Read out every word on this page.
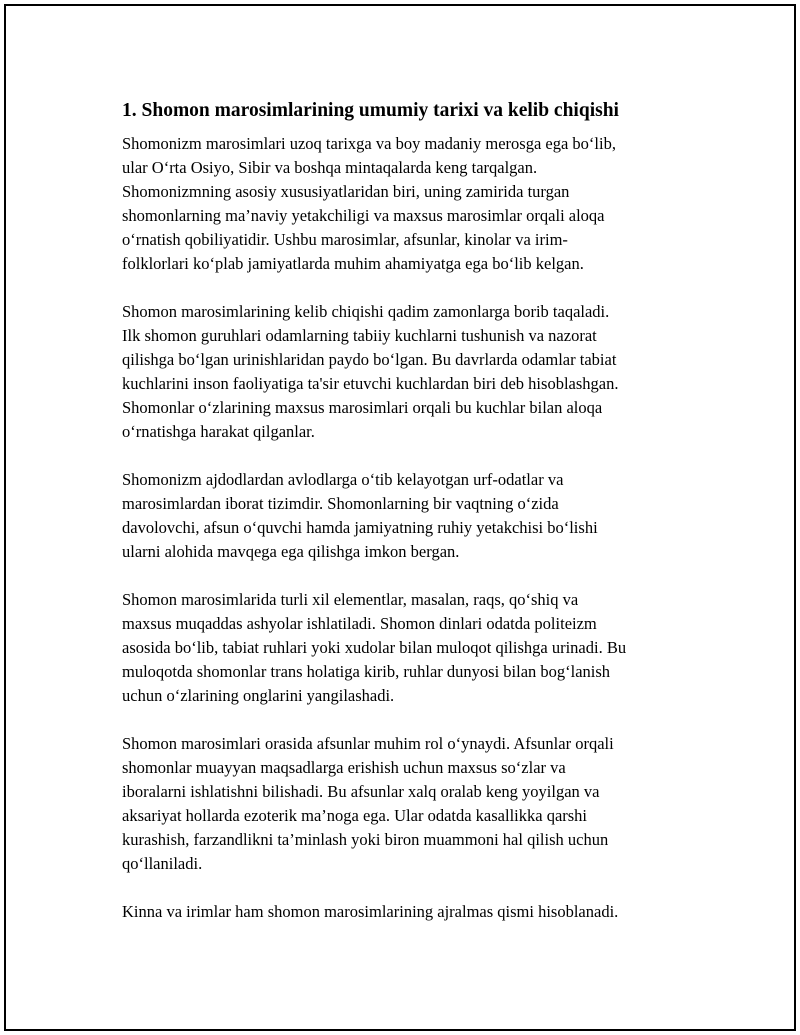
1. Shomon marosimlarining umumiy tarixi va kelib chiqishi

Shomonizm marosimlari uzoq tarixga va boy madaniy merosga ega bo‘lib,
ular O‘rta Osiyo, Sibir va boshqa mintaqalarda keng tarqalgan.
Shomonizmning asosiy xususiyatlaridan biri, uning zamirida turgan
shomonlarning ma’naviy yetakchiligi va maxsus marosimlar orqali aloqa
o‘rnatish qobiliyatidir. Ushbu marosimlar, afsunlar, kinolar va irim-
folklorlari ko‘plab jamiyatlarda muhim ahamiyatga ega bo‘lib kelgan.

Shomon marosimlarining kelib chiqishi qadim zamonlarga borib taqaladi.
Ilk shomon guruhlari odamlarning tabiiy kuchlarni tushunish va nazorat
qilishga bo‘lgan urinishlaridan paydo bo‘lgan. Bu davrlarda odamlar tabiat
kuchlarini inson faoliyatiga ta'sir etuvchi kuchlardan biri deb hisoblashgan.
Shomonlar o‘zlarining maxsus marosimlari orqali bu kuchlar bilan aloqa
o‘rnatishga harakat qilganlar.

Shomonizm ajdodlardan avlodlarga o‘tib kelayotgan urf-odatlar va
marosimlardan iborat tizimdir. Shomonlarning bir vaqtning o‘zida
davolovchi, afsun o‘quvchi hamda jamiyatning ruhiy yetakchisi bo‘lishi
ularni alohida mavqega ega qilishga imkon bergan.

Shomon marosimlarida turli xil elementlar, masalan, raqs, qo‘shiq va
maxsus muqaddas ashyolar ishlatiladi. Shomon dinlari odatda politeizm
asosida bo‘lib, tabiat ruhlari yoki xudolar bilan muloqot qilishga urinadi. Bu
muloqotda shomonlar trans holatiga kirib, ruhlar dunyosi bilan bog‘lanish
uchun o‘zlarining onglarini yangilashadi.

Shomon marosimlari orasida afsunlar muhim rol o‘ynaydi. Afsunlar orqali
shomonlar muayyan maqsadlarga erishish uchun maxsus so‘zlar va
iboralarni ishlatishni bilishadi. Bu afsunlar xalq oralab keng yoyilgan va
aksariyat hollarda ezoterik ma’noga ega. Ular odatda kasallikka qarshi
kurashish, farzandlikni ta’minlash yoki biron muammoni hal qilish uchun
qo‘llaniladi.

Kinna va irimlar ham shomon marosimlarining ajralmas qismi hisoblanadi.
